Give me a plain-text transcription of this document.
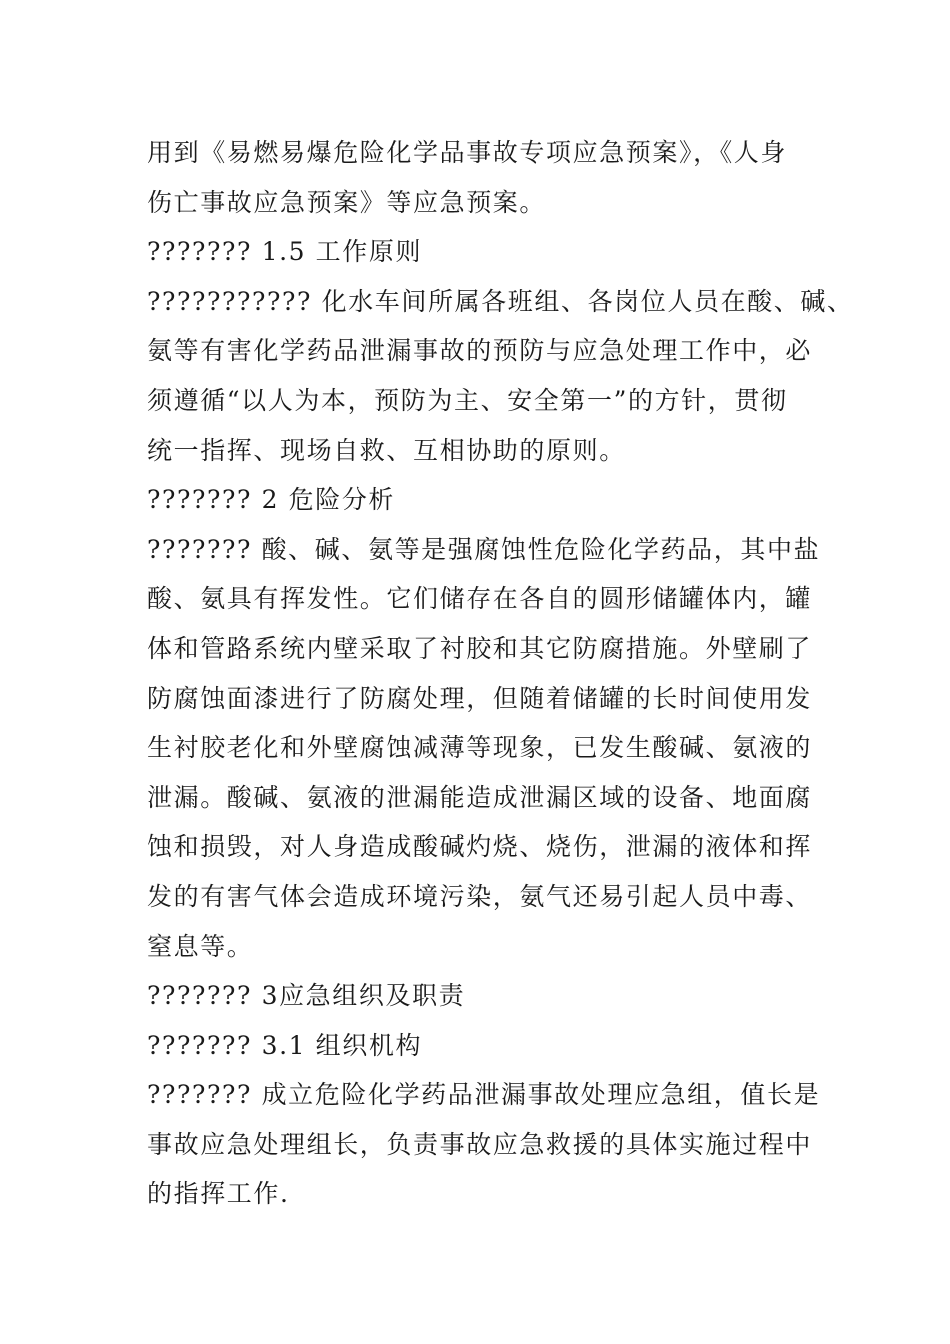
用到《易燃易爆危险化学品事故专项应急预案》，《人身
伤亡事故应急预案》等应急预案。
??????? 1.5 工作原则
??????????? 化水车间所属各班组、各岗位人员在酸、碱、
氨等有害化学药品泄漏事故的预防与应急处理工作中，必
须遵循“以人为本，预防为主、安全第一”的方针，贯彻
统一指挥、现场自救、互相协助的原则。
??????? 2 危险分析
??????? 酸、碱、氨等是强腐蚀性危险化学药品，其中盐
酸、氨具有挥发性。它们储存在各自的圆形储罐体内，罐
体和管路系统内壁采取了衬胶和其它防腐措施。外壁刷了
防腐蚀面漆进行了防腐处理，但随着储罐的长时间使用发
生衬胶老化和外壁腐蚀减薄等现象，已发生酸碱、氨液的
泄漏。酸碱、氨液的泄漏能造成泄漏区域的设备、地面腐
蚀和损毁，对人身造成酸碱灼烧、烧伤，泄漏的液体和挥
发的有害气体会造成环境污染，氨气还易引起人员中毒、
窒息等。
??????? 3应急组织及职责
??????? 3.1 组织机构
??????? 成立危险化学药品泄漏事故处理应急组，值长是
事故应急处理组长，负责事故应急救援的具体实施过程中
的指挥工作.
